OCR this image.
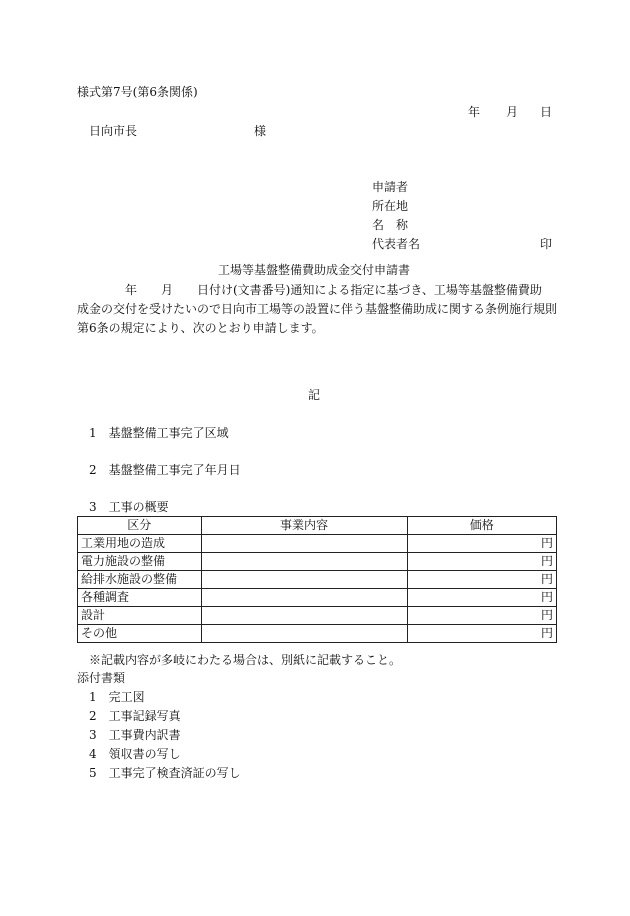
様式第7号(第6条関係)
年 月 日
日向市長	様
申請者
所在地
名　称
代表者名	印
工場等基盤整備費助成金交付申請書
　　　　年　　月　　日付け(文書番号)通知による指定に基づき、工場等基盤整備費助
成金の交付を受けたいので日向市工場等の設置に伴う基盤整備助成に関する条例施行規則
第6条の規定により、次のとおり申請します。
記
1　 基盤整備工事完了区域
2　 基盤整備工事完了年月日
3　 工事の概要
区分	事業内容	価格
工業用地の造成		円
電力施設の整備		円
給排水施設の整備		円
各種調査		円
設計		円
その他		円
※記載内容が多岐にわたる場合は、別紙に記載すること。
添付書類
1　 完工図
2　 工事記録写真
3　 工事費内訳書
4　 領収書の写し
5　 工事完了検査済証の写し
